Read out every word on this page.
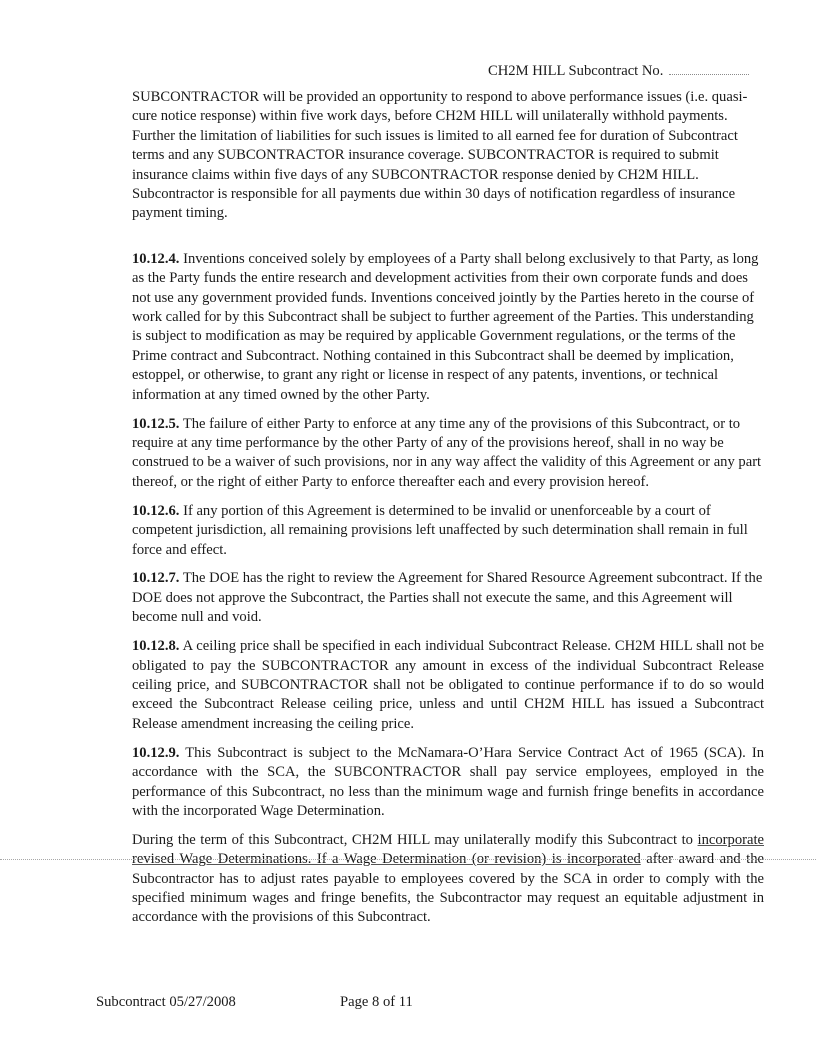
CH2M HILL Subcontract No.

SUBCONTRACTOR will be provided an opportunity to respond to above performance issues (i.e. quasi-cure notice response) within five work days, before CH2M HILL will unilaterally withhold payments. Further the limitation of liabilities for such issues is limited to all earned fee for duration of Subcontract terms and any SUBCONTRACTOR insurance coverage. SUBCONTRACTOR is required to submit insurance claims within five days of any SUBCONTRACTOR response denied by CH2M HILL. Subcontractor is responsible for all payments due within 30 days of notification regardless of insurance payment timing.

10.12.4. Inventions conceived solely by employees of a Party shall belong exclusively to that Party, as long as the Party funds the entire research and development activities from their own corporate funds and does not use any government provided funds. Inventions conceived jointly by the Parties hereto in the course of work called for by this Subcontract shall be subject to further agreement of the Parties. This understanding is subject to modification as may be required by applicable Government regulations, or the terms of the Prime contract and Subcontract. Nothing contained in this Subcontract shall be deemed by implication, estoppel, or otherwise, to grant any right or license in respect of any patents, inventions, or technical information at any timed owned by the other Party.

10.12.5. The failure of either Party to enforce at any time any of the provisions of this Subcontract, or to require at any time performance by the other Party of any of the provisions hereof, shall in no way be construed to be a waiver of such provisions, nor in any way affect the validity of this Agreement or any part thereof, or the right of either Party to enforce thereafter each and every provision hereof.

10.12.6. If any portion of this Agreement is determined to be invalid or unenforceable by a court of competent jurisdiction, all remaining provisions left unaffected by such determination shall remain in full force and effect.

10.12.7. The DOE has the right to review the Agreement for Shared Resource Agreement subcontract. If the DOE does not approve the Subcontract, the Parties shall not execute the same, and this Agreement will become null and void.

10.12.8. A ceiling price shall be specified in each individual Subcontract Release. CH2M HILL shall not be obligated to pay the SUBCONTRACTOR any amount in excess of the individual Subcontract Release ceiling price, and SUBCONTRACTOR shall not be obligated to continue performance if to do so would exceed the Subcontract Release ceiling price, unless and until CH2M HILL has issued a Subcontract Release amendment increasing the ceiling price.

10.12.9. This Subcontract is subject to the McNamara-O’Hara Service Contract Act of 1965 (SCA). In accordance with the SCA, the SUBCONTRACTOR shall pay service employees, employed in the performance of this Subcontract, no less than the minimum wage and furnish fringe benefits in accordance with the incorporated Wage Determination.

During the term of this Subcontract, CH2M HILL may unilaterally modify this Subcontract to incorporate revised Wage Determinations. If a Wage Determination (or revision) is incorporated after award and the Subcontractor has to adjust rates payable to employees covered by the SCA in order to comply with the specified minimum wages and fringe benefits, the Subcontractor may request an equitable adjustment in accordance with the provisions of this Subcontract.

Subcontract 05/27/2008	Page 8 of 11
